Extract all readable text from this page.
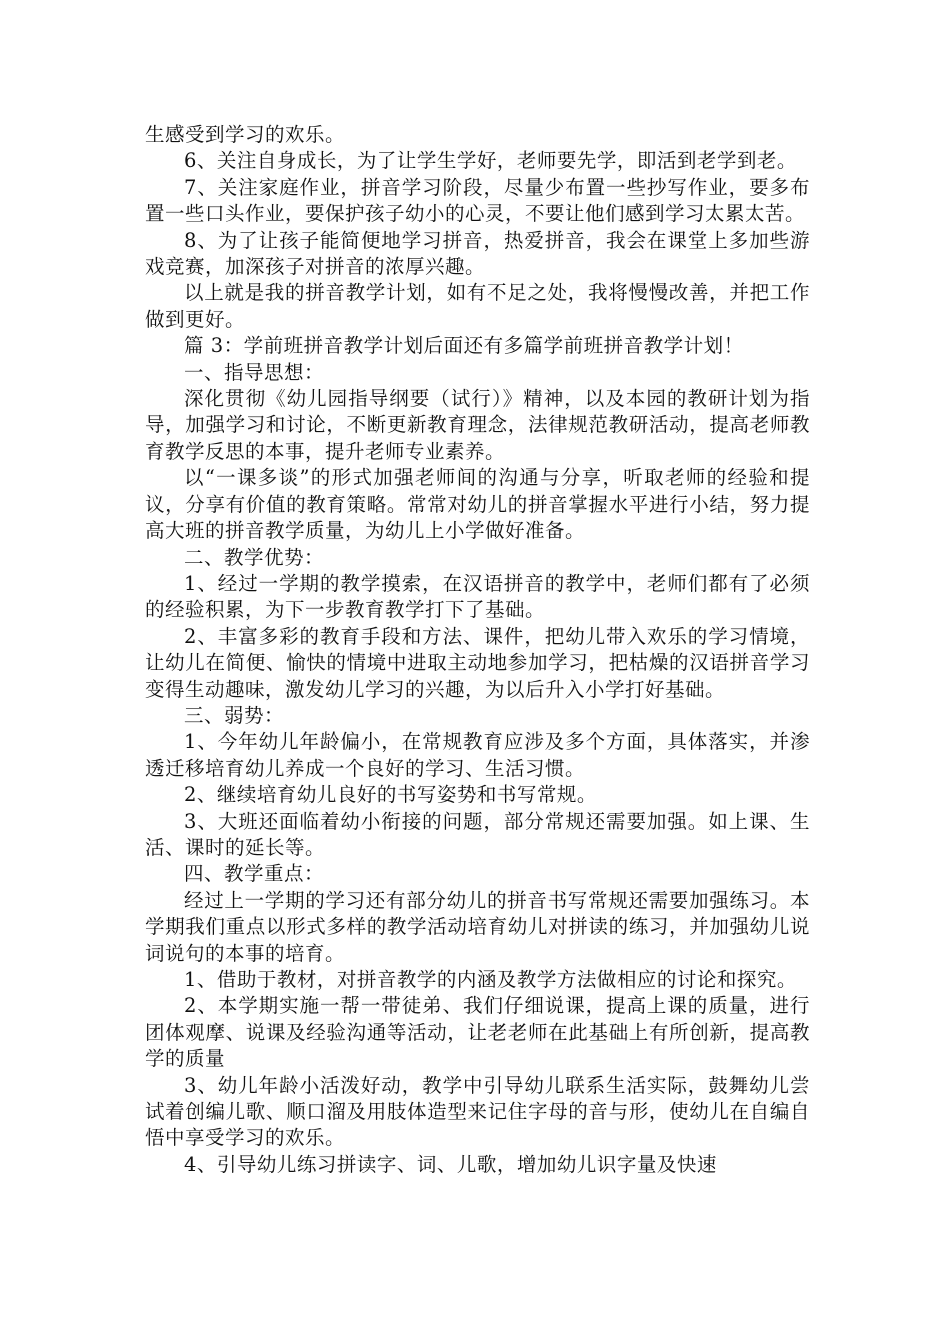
生感受到学习的欢乐。

6、关注自身成长，为了让学生学好，老师要先学，即活到老学到老。

7、关注家庭作业，拼音学习阶段，尽量少布置一些抄写作业，要多布置一些口头作业，要保护孩子幼小的心灵，不要让他们感到学习太累太苦。

8、为了让孩子能简便地学习拼音，热爱拼音，我会在课堂上多加些游戏竞赛，加深孩子对拼音的浓厚兴趣。

以上就是我的拼音教学计划，如有不足之处，我将慢慢改善，并把工作做到更好。

篇 3：学前班拼音教学计划后面还有多篇学前班拼音教学计划！

一、指导思想：

深化贯彻《幼儿园指导纲要（试行）》精神，以及本园的教研计划为指导，加强学习和讨论，不断更新教育理念，法律规范教研活动，提高老师教育教学反思的本事，提升老师专业素养。

以“一课多谈”的形式加强老师间的沟通与分享，听取老师的经验和提议，分享有价值的教育策略。常常对幼儿的拼音掌握水平进行小结，努力提高大班的拼音教学质量，为幼儿上小学做好准备。

二、教学优势：

1、经过一学期的教学摸索，在汉语拼音的教学中，老师们都有了必须的经验积累，为下一步教育教学打下了基础。

2、丰富多彩的教育手段和方法、课件，把幼儿带入欢乐的学习情境，让幼儿在简便、愉快的情境中进取主动地参加学习，把枯燥的汉语拼音学习变得生动趣味，激发幼儿学习的兴趣，为以后升入小学打好基础。

三、弱势：

1、今年幼儿年龄偏小，在常规教育应涉及多个方面，具体落实，并渗透迁移培育幼儿养成一个良好的学习、生活习惯。

2、继续培育幼儿良好的书写姿势和书写常规。

3、大班还面临着幼小衔接的问题，部分常规还需要加强。如上课、生活、课时的延长等。

四、教学重点：

经过上一学期的学习还有部分幼儿的拼音书写常规还需要加强练习。本学期我们重点以形式多样的教学活动培育幼儿对拼读的练习，并加强幼儿说词说句的本事的培育。

1、借助于教材，对拼音教学的内涵及教学方法做相应的讨论和探究。

2、本学期实施一帮一带徒弟、我们仔细说课，提高上课的质量，进行团体观摩、说课及经验沟通等活动，让老老师在此基础上有所创新，提高教学的质量

3、幼儿年龄小活泼好动，教学中引导幼儿联系生活实际，鼓舞幼儿尝试着创编儿歌、顺口溜及用肢体造型来记住字母的音与形，使幼儿在自编自悟中享受学习的欢乐。

4、引导幼儿练习拼读字、词、儿歌，增加幼儿识字量及快速
